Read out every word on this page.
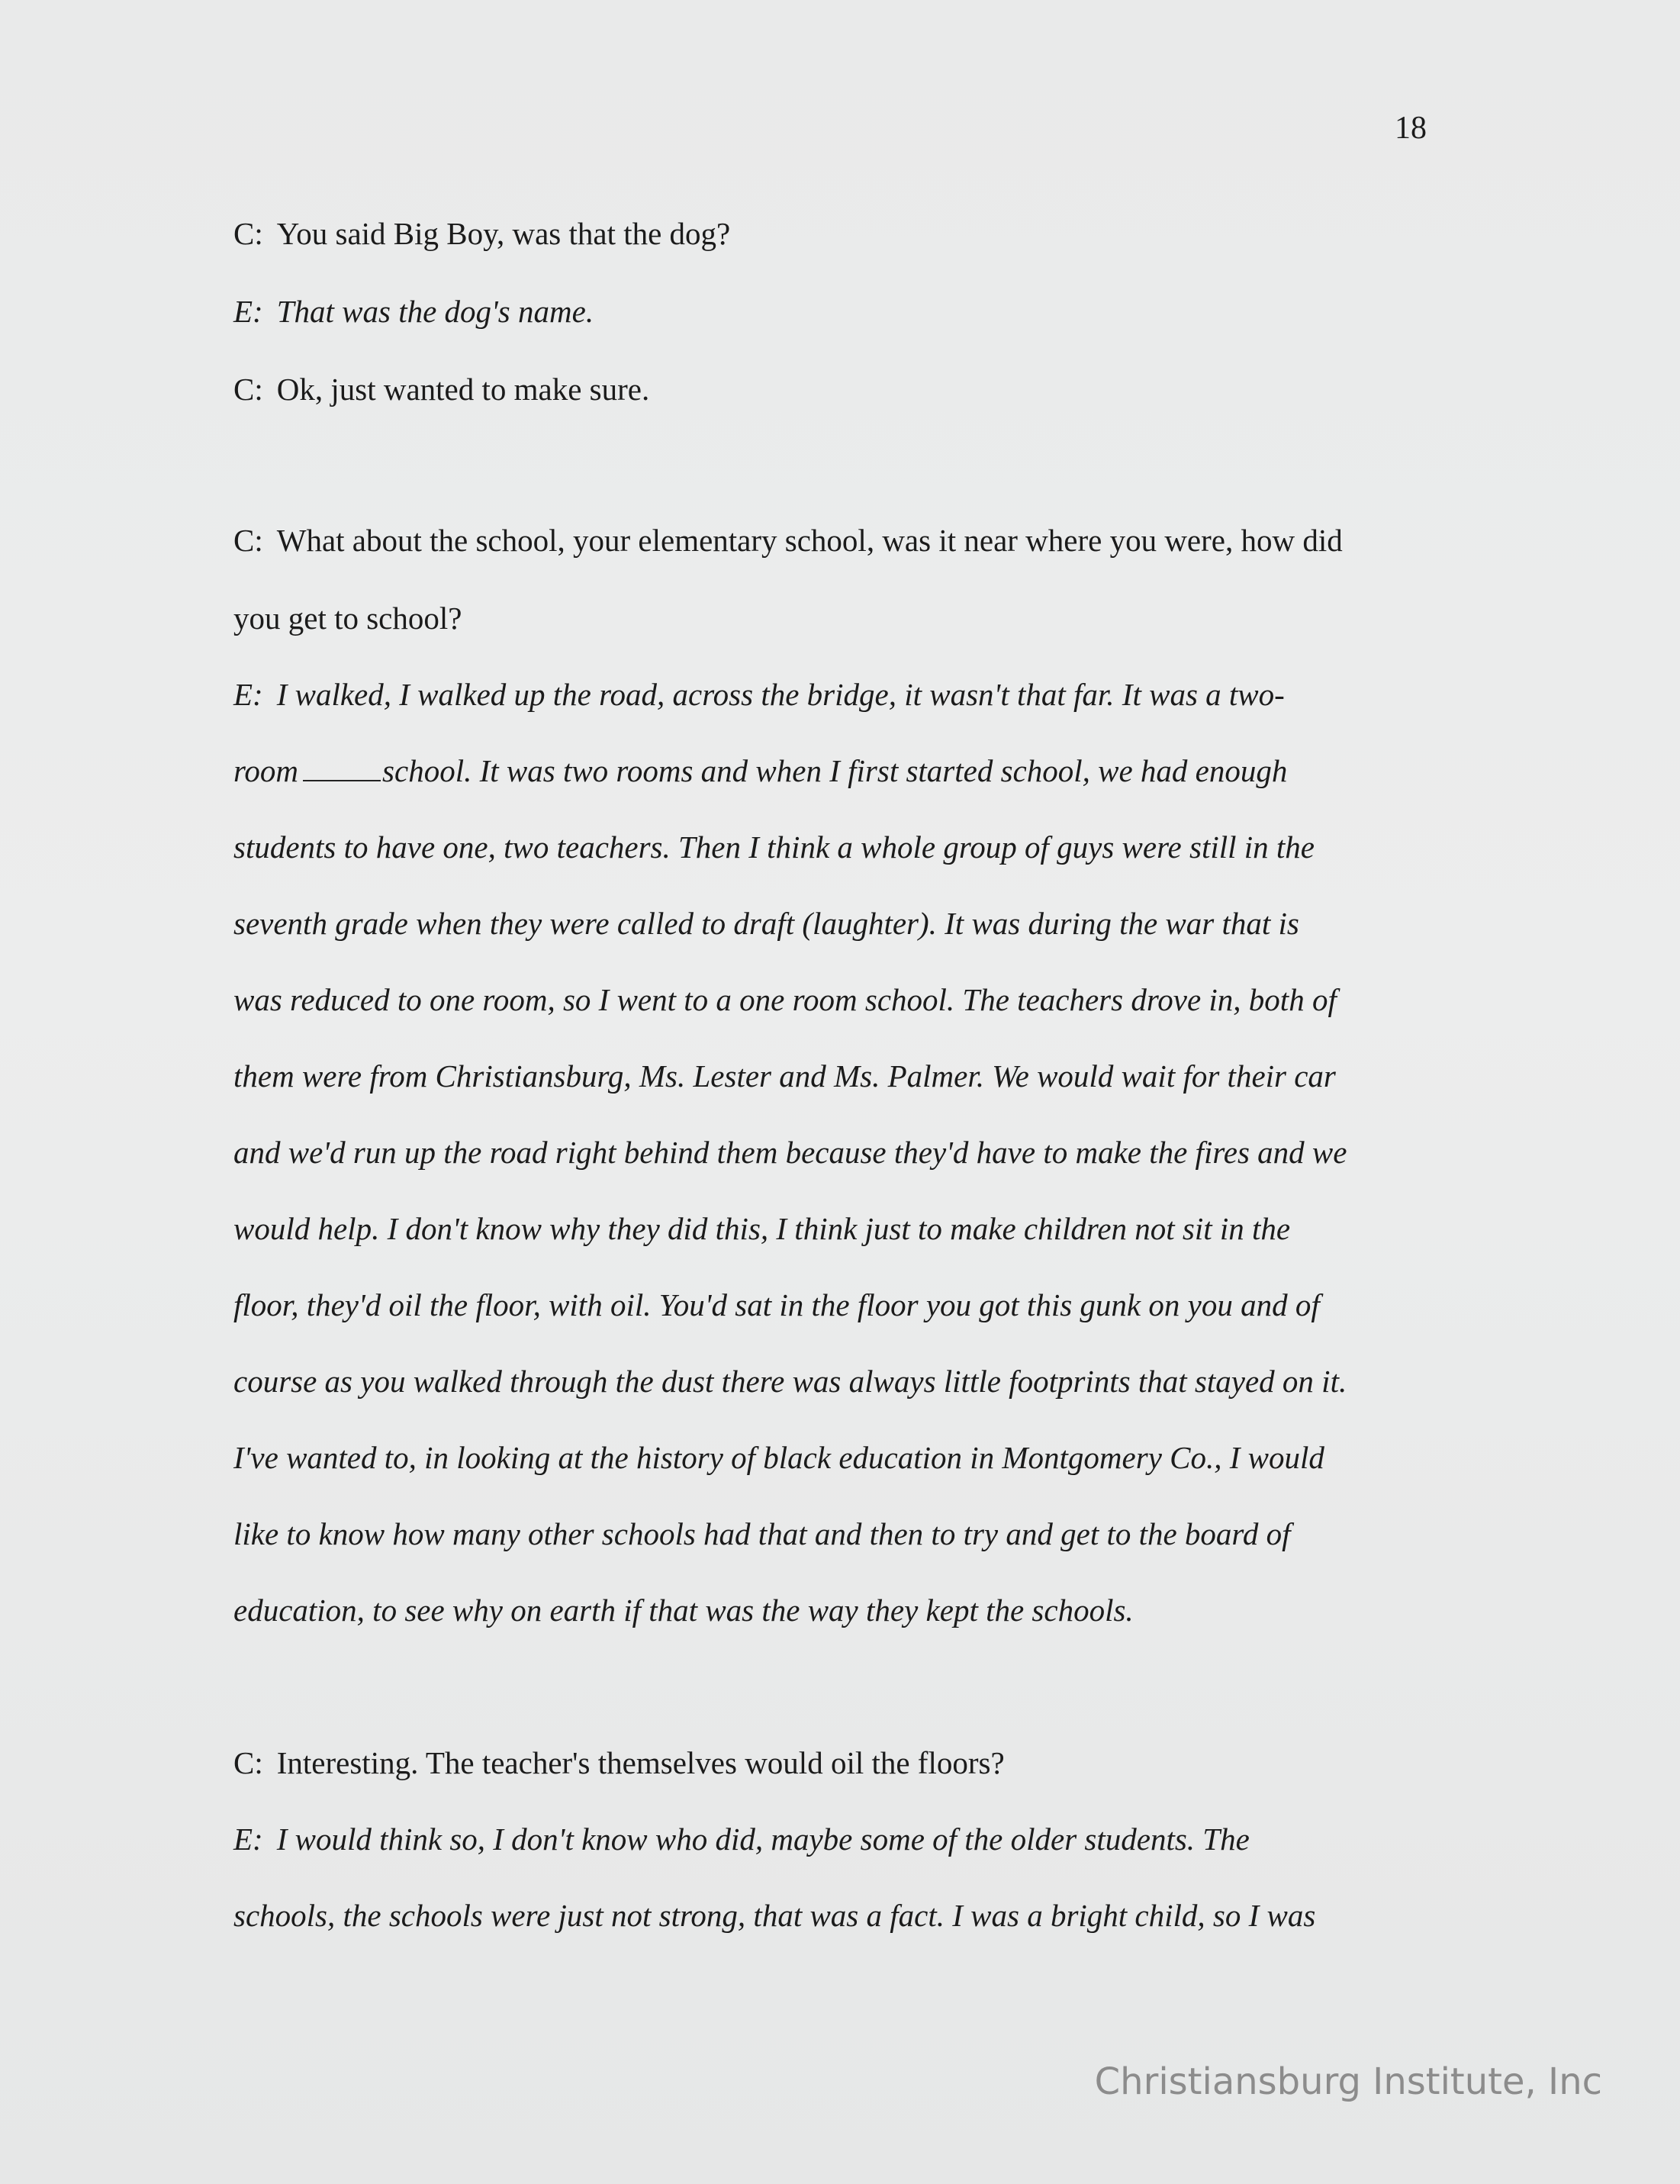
18
C: You said Big Boy, was that the dog?
E: That was the dog's name.
C: Ok, just wanted to make sure.
C: What about the school, your elementary school, was it near where you were, how did
you get to school?
E: I walked, I walked up the road, across the bridge, it wasn't that far. It was a two-
room	school. It was two rooms and when I first started school, we had enough
students to have one, two teachers. Then I think a whole group of guys were still in the
seventh grade when they were called to draft (laughter). It was during the war that is
was reduced to one room, so I went to a one room school. The teachers drove in, both of
them were from Christiansburg, Ms. Lester and Ms. Palmer. We would wait for their car
and we'd run up the road right behind them because they'd have to make the fires and we
would help. I don't know why they did this, I think just to make children not sit in the
floor, they'd oil the floor, with oil. You'd sat in the floor you got this gunk on you and of
course as you walked through the dust there was always little footprints that stayed on it.
I've wanted to, in looking at the history of black education in Montgomery Co., I would
like to know how many other schools had that and then to try and get to the board of
education, to see why on earth if that was the way they kept the schools.
C: Interesting. The teacher's themselves would oil the floors?
E: I would think so, I don't know who did, maybe some of the older students. The
schools, the schools were just not strong, that was a fact. I was a bright child, so I was
Christiansburg Institute, Inc
